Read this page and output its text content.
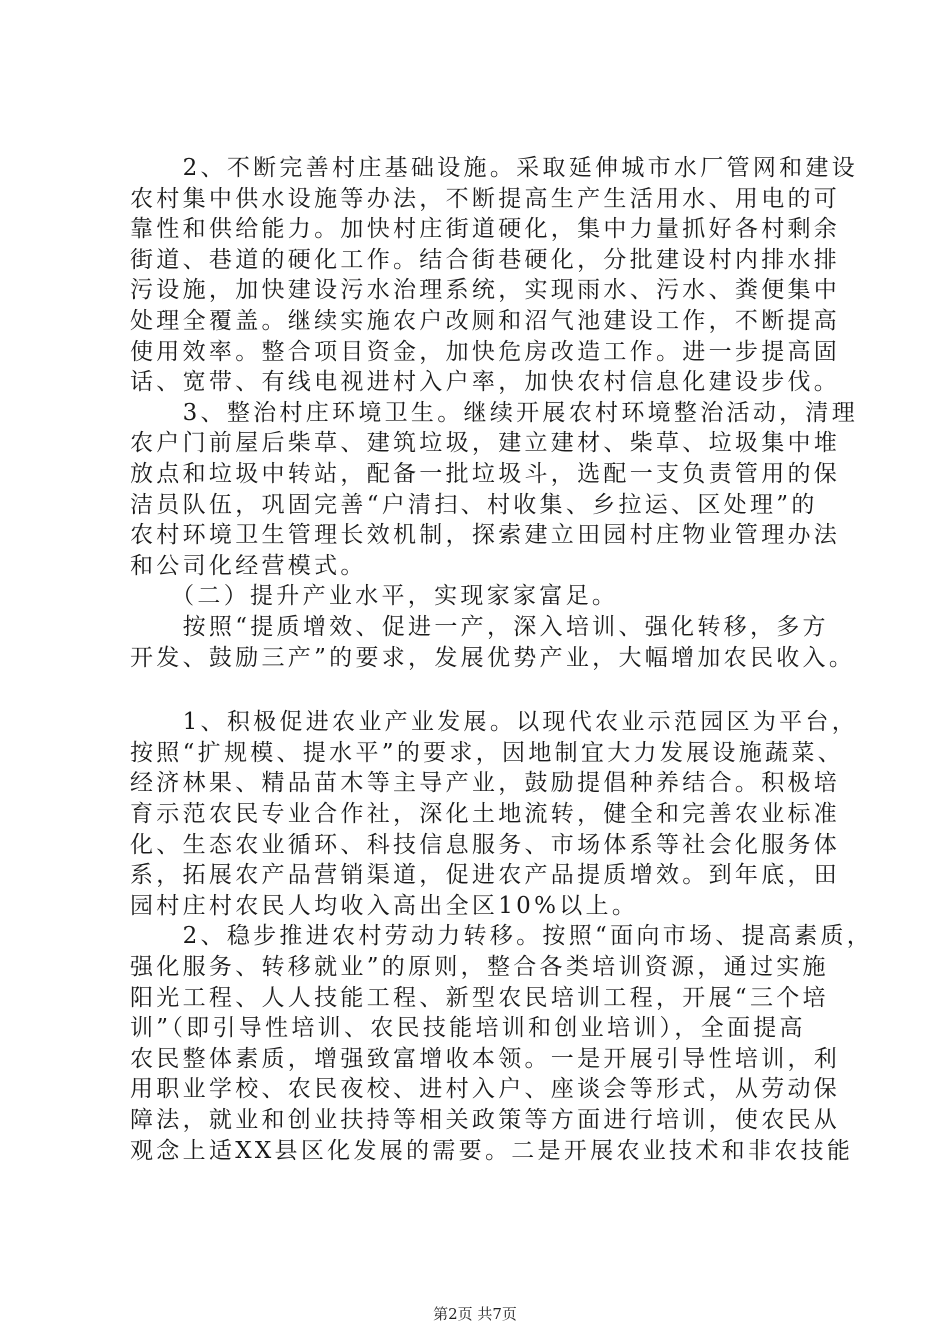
　　2、不断完善村庄基础设施。采取延伸城市水厂管网和建设
农村集中供水设施等办法，不断提高生产生活用水、用电的可
靠性和供给能力。加快村庄街道硬化，集中力量抓好各村剩余
街道、巷道的硬化工作。结合街巷硬化，分批建设村内排水排
污设施，加快建设污水治理系统，实现雨水、污水、粪便集中
处理全覆盖。继续实施农户改厕和沼气池建设工作，不断提高
使用效率。整合项目资金，加快危房改造工作。进一步提高固
话、宽带、有线电视进村入户率，加快农村信息化建设步伐。
　　3、整治村庄环境卫生。继续开展农村环境整治活动，清理
农户门前屋后柴草、建筑垃圾，建立建材、柴草、垃圾集中堆
放点和垃圾中转站，配备一批垃圾斗，选配一支负责管用的保
洁员队伍，巩固完善“户清扫、村收集、乡拉运、区处理”的
农村环境卫生管理长效机制，探索建立田园村庄物业管理办法
和公司化经营模式。
　　（二）提升产业水平，实现家家富足。
　　按照“提质增效、促进一产，深入培训、强化转移，多方
开发、鼓励三产”的要求，发展优势产业，大幅增加农民收入。
　　1、积极促进农业产业发展。以现代农业示范园区为平台，
按照“扩规模、提水平”的要求，因地制宜大力发展设施蔬菜、
经济林果、精品苗木等主导产业，鼓励提倡种养结合。积极培
育示范农民专业合作社，深化土地流转，健全和完善农业标准
化、生态农业循环、科技信息服务、市场体系等社会化服务体
系，拓展农产品营销渠道，促进农产品提质增效。到年底，田
园村庄村农民人均收入高出全区10%以上。
　　2、稳步推进农村劳动力转移。按照“面向市场、提高素质，
强化服务、转移就业”的原则，整合各类培训资源，通过实施
阳光工程、人人技能工程、新型农民培训工程，开展“三个培
训”（即引导性培训、农民技能培训和创业培训），全面提高
农民整体素质，增强致富增收本领。一是开展引导性培训，利
用职业学校、农民夜校、进村入户、座谈会等形式，从劳动保
障法，就业和创业扶持等相关政策等方面进行培训，使农民从
观念上适XX县区化发展的需要。二是开展农业技术和非农技能
第2页 共7页
